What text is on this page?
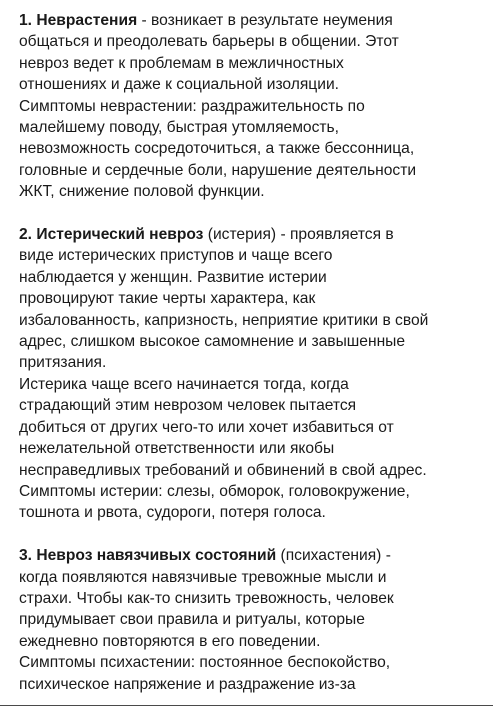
1. Неврастения - возникает в результате неумения
общаться и преодолевать барьеры в общении. Этот
невроз ведет к проблемам в межличностных
отношениях и даже к социальной изоляции.
Симптомы неврастении: раздражительность по
малейшему поводу, быстрая утомляемость,
невозможность сосредоточиться, а также бессонница,
головные и сердечные боли, нарушение деятельности
ЖКТ, снижение половой функции.
2. Истерический невроз (истерия) - проявляется в
виде истерических приступов и чаще всего
наблюдается у женщин. Развитие истерии
провоцируют такие черты характера, как
избалованность, капризность, неприятие критики в свой
адрес, слишком высокое самомнение и завышенные
притязания.
Истерика чаще всего начинается тогда, когда
страдающий этим неврозом человек пытается
добиться от других чего-то или хочет избавиться от
нежелательной ответственности или якобы
несправедливых требований и обвинений в свой адрес.
Симптомы истерии: слезы, обморок, головокружение,
тошнота и рвота, судороги, потеря голоса.
3. Невроз навязчивых состояний (психастения) -
когда появляются навязчивые тревожные мысли и
страхи. Чтобы как-то снизить тревожность, человек
придумывает свои правила и ритуалы, которые
ежедневно повторяются в его поведении.
Симптомы психастении: постоянное беспокойство,
психическое напряжение и раздражение из-за
